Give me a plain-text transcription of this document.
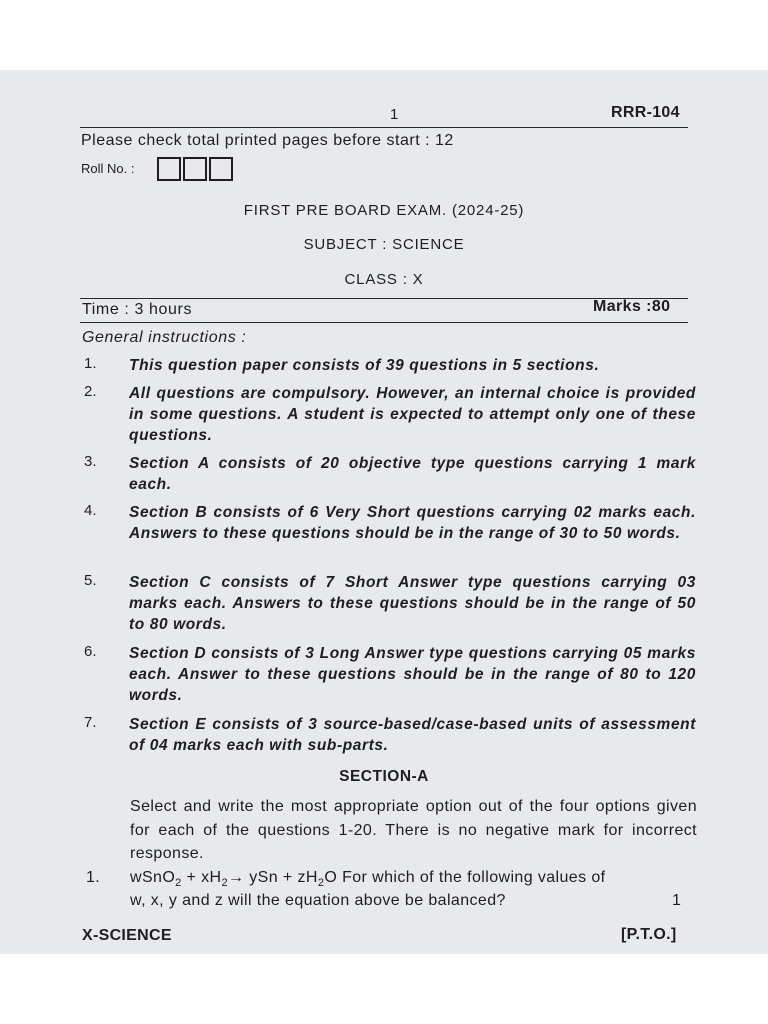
1	RRR-104
Please check total printed pages before start : 12
Roll No. :
FIRST PRE BOARD EXAM. (2024-25)
SUBJECT : SCIENCE
CLASS : X
Time : 3 hours	Marks :80
General instructions :
1. This question paper consists of 39 questions in 5 sections.
2. All questions are compulsory. However, an internal choice is provided in some questions. A student is expected to attempt only one of these questions.
3. Section A consists of 20 objective type questions carrying 1 mark each.
4. Section B consists of 6 Very Short questions carrying 02 marks each. Answers to these questions should be in the range of 30 to 50 words.
5. Section C consists of 7 Short Answer type questions carrying 03 marks each. Answers to these questions should be in the range of 50 to 80 words.
6. Section D consists of 3 Long Answer type questions carrying 05 marks each. Answer to these questions should be in the range of 80 to 120 words.
7. Section E consists of 3 source-based/case-based units of assessment of 04 marks each with sub-parts.
SECTION-A
Select and write the most appropriate option out of the four options given for each of the questions 1-20. There is no negative mark for incorrect response.
1. wSnO$_2$ + $xH_2\to$ ySn + $zH_2O$ For which of the following values of
w, x, y and z will the equation above be balanced?	1
X-SCIENCE	[P.T.O.]
